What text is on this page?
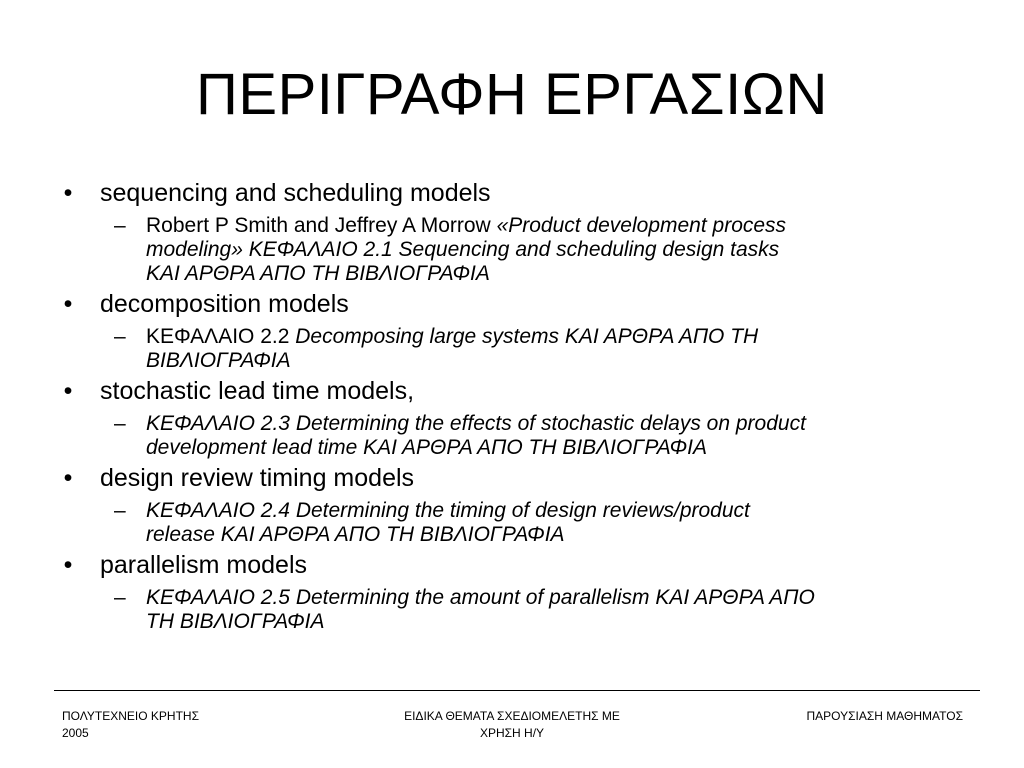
ΠΕΡΙΓΡΑΦΗ ΕΡΓΑΣΙΩΝ
• sequencing and scheduling models
– Robert P Smith and Jeffrey A Morrow «Product development process
modeling» ΚΕΦΑΛΑΙΟ 2.1 Sequencing and scheduling design tasks
ΚΑΙ ΑΡΘΡΑ ΑΠΟ ΤΗ ΒΙΒΛΙΟΓΡΑΦΙΑ
• decomposition models
– ΚΕΦΑΛΑΙΟ 2.2 Decomposing large systems ΚΑΙ ΑΡΘΡΑ ΑΠΟ ΤΗ
ΒΙΒΛΙΟΓΡΑΦΙΑ
• stochastic lead time models,
– ΚΕΦΑΛΑΙΟ 2.3 Determining the effects of stochastic delays on product
development lead time ΚΑΙ ΑΡΘΡΑ ΑΠΟ ΤΗ ΒΙΒΛΙΟΓΡΑΦΙΑ
• design review timing models
– ΚΕΦΑΛΑΙΟ 2.4 Determining the timing of design reviews/product
release ΚΑΙ ΑΡΘΡΑ ΑΠΟ ΤΗ ΒΙΒΛΙΟΓΡΑΦΙΑ
• parallelism models
– ΚΕΦΑΛΑΙΟ 2.5 Determining the amount of parallelism ΚΑΙ ΑΡΘΡΑ ΑΠΟ
ΤΗ ΒΙΒΛΙΟΓΡΑΦΙΑ
ΠΟΛΥΤΕΧΝΕΙΟ ΚΡΗΤΗΣ
2005
ΕΙΔΙΚΑ ΘΕΜΑΤΑ ΣΧΕΔΙΟΜΕΛΕΤΗΣ ΜΕ
ΧΡΗΣΗ Η/Υ
ΠΑΡΟΥΣΙΑΣΗ ΜΑΘΗΜΑΤΟΣ
